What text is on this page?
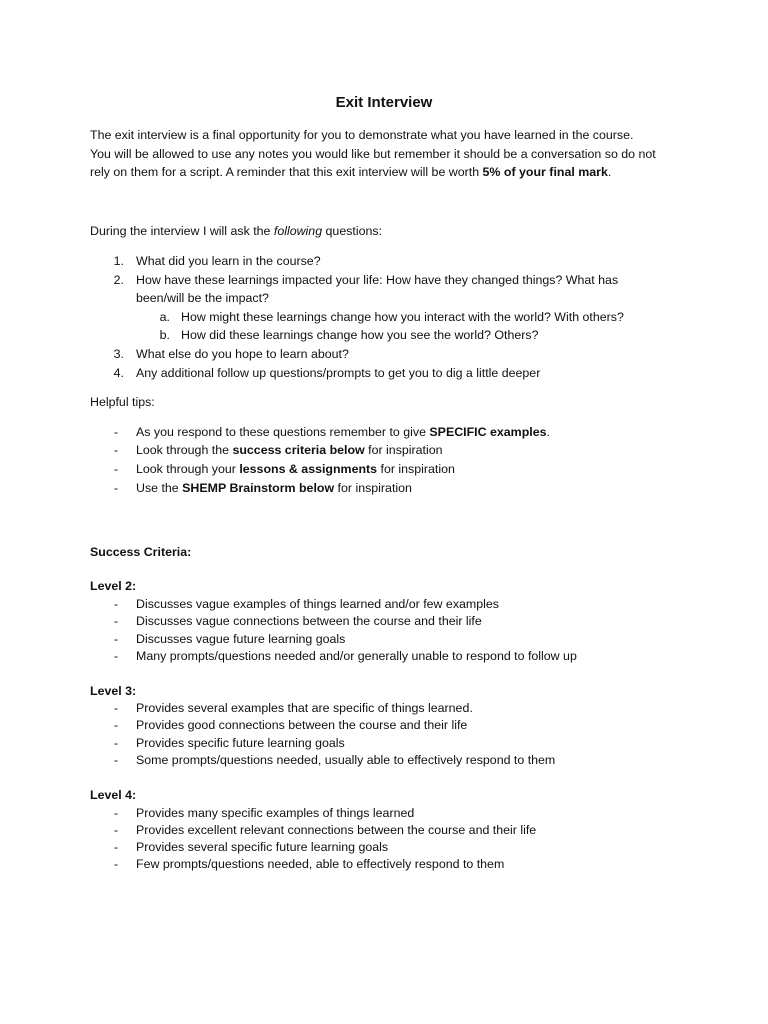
Exit Interview
The exit interview is a final opportunity for you to demonstrate what you have learned in the course.
You will be allowed to use any notes you would like but remember it should be a conversation so do not
rely on them for a script. A reminder that this exit interview will be worth 5% of your final mark.
During the interview I will ask the following questions:
1. What did you learn in the course?
2. How have these learnings impacted your life: How have they changed things? What has
been/will be the impact?
a. How might these learnings change how you interact with the world? With others?
b. How did these learnings change how you see the world? Others?
3. What else do you hope to learn about?
4. Any additional follow up questions/prompts to get you to dig a little deeper
Helpful tips:
- As you respond to these questions remember to give SPECIFIC examples.
- Look through the success criteria below for inspiration
- Look through your lessons & assignments for inspiration
- Use the SHEMP Brainstorm below for inspiration
Success Criteria:
Level 2:
- Discusses vague examples of things learned and/or few examples
- Discusses vague connections between the course and their life
- Discusses vague future learning goals
- Many prompts/questions needed and/or generally unable to respond to follow up
Level 3:
- Provides several examples that are specific of things learned.
- Provides good connections between the course and their life
- Provides specific future learning goals
- Some prompts/questions needed, usually able to effectively respond to them
Level 4:
- Provides many specific examples of things learned
- Provides excellent relevant connections between the course and their life
- Provides several specific future learning goals
- Few prompts/questions needed, able to effectively respond to them
